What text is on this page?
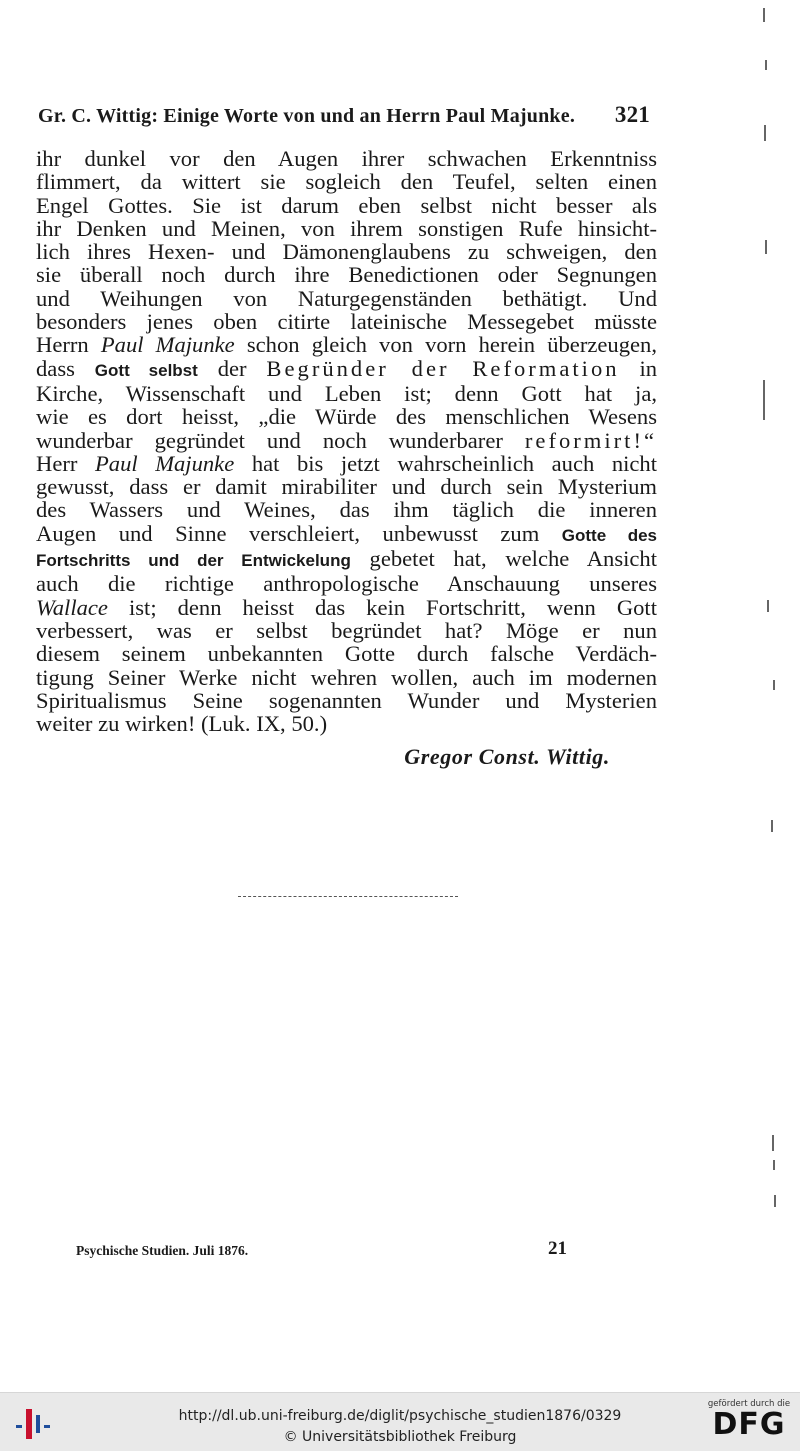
Gr. C. Wittig: Einige Worte von und an Herrn Paul Majunke. 321
ihr dunkel vor den Augen ihrer schwachen Erkenntniss
flimmert, da wittert sie sogleich den Teufel, selten einen
Engel Gottes. Sie ist darum eben selbst nicht besser als
ihr Denken und Meinen, von ihrem sonstigen Rufe hinsicht-
lich ihres Hexen- und Dämonenglaubens zu schweigen, den
sie überall noch durch ihre Benedictionen oder Segnungen
und Weihungen von Naturgegenständen bethätigt. Und
besonders jenes oben citirte lateinische Messegebet müsste
Herrn Paul Majunke schon gleich von vorn herein überzeugen,
dass Gott selbst der Begründer der Reformation in
Kirche, Wissenschaft und Leben ist; denn Gott hat ja,
wie es dort heisst, „die Würde des menschlichen Wesens
wunderbar gegründet und noch wunderbarer reformirt!“
Herr Paul Majunke hat bis jetzt wahrscheinlich auch nicht
gewusst, dass er damit mirabiliter und durch sein Mysterium
des Wassers und Weines, das ihm täglich die inneren
Augen und Sinne verschleiert, unbewusst zum Gotte des
Fortschritts und der Entwickelung gebetet hat, welche Ansicht
auch die richtige anthropologische Anschauung unseres
Wallace ist; denn heisst das kein Fortschritt, wenn Gott
verbessert, was er selbst begründet hat? Möge er nun
diesem seinem unbekannten Gotte durch falsche Verdäch-
tigung Seiner Werke nicht wehren wollen, auch im modernen
Spiritualismus Seine sogenannten Wunder und Mysterien
weiter zu wirken! (Luk. IX, 50.)
Gregor Const. Wittig.
Psychische Studien. Juli 1876.	21
http://dl.ub.uni-freiburg.de/diglit/psychische_studien1876/0329
© Universitätsbibliothek Freiburg
gefördert durch die
DFG
